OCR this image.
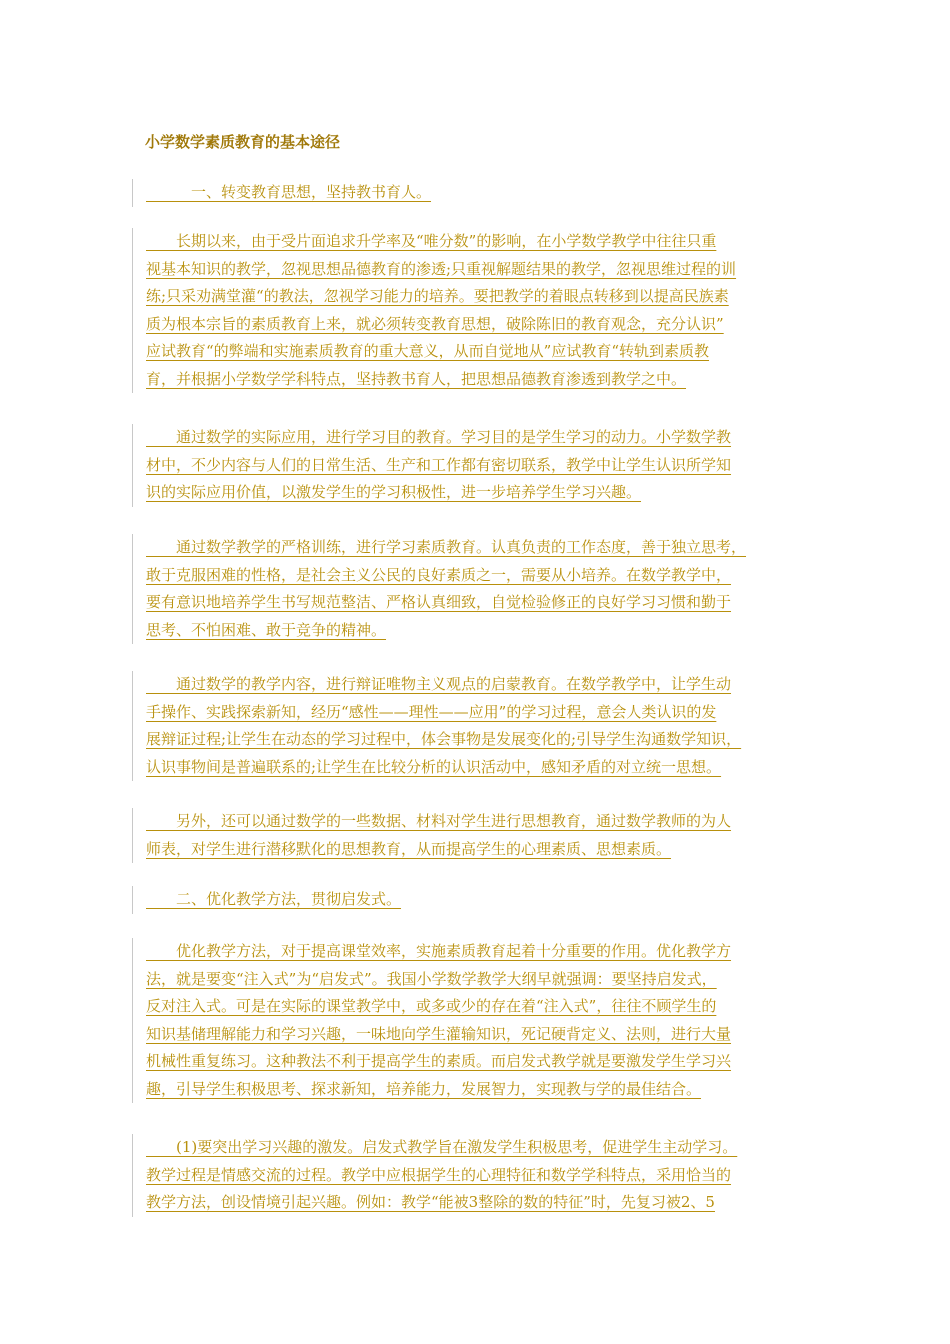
小学数学素质教育的基本途径

　　　一、转变教育思想，坚持教书育人。

　　长期以来，由于受片面追求升学率及“唯分数”的影响，在小学数学教学中往往只重
视基本知识的教学，忽视思想品德教育的渗透;只重视解题结果的教学，忽视思维过程的训
练;只采劝满堂灌“的教法，忽视学习能力的培养。要把教学的着眼点转移到以提高民族素
质为根本宗旨的素质教育上来，就必须转变教育思想，破除陈旧的教育观念，充分认识”
应试教育“的弊端和实施素质教育的重大意义，从而自觉地从”应试教育“转轨到素质教
育，并根据小学数学学科特点，坚持教书育人，把思想品德教育渗透到教学之中。

　　通过数学的实际应用，进行学习目的教育。学习目的是学生学习的动力。小学数学教
材中，不少内容与人们的日常生活、生产和工作都有密切联系，教学中让学生认识所学知
识的实际应用价值，以激发学生的学习积极性，进一步培养学生学习兴趣。

　　通过数学教学的严格训练，进行学习素质教育。认真负责的工作态度，善于独立思考，
敢于克服困难的性格，是社会主义公民的良好素质之一，需要从小培养。在数学教学中，
要有意识地培养学生书写规范整洁、严格认真细致，自觉检验修正的良好学习习惯和勤于
思考、不怕困难、敢于竞争的精神。

　　通过数学的教学内容，进行辩证唯物主义观点的启蒙教育。在数学教学中，让学生动
手操作、实践探索新知，经历“感性——理性——应用”的学习过程，意会人类认识的发
展辩证过程;让学生在动态的学习过程中，体会事物是发展变化的;引导学生沟通数学知识，
认识事物间是普遍联系的;让学生在比较分析的认识活动中，感知矛盾的对立统一思想。

　　另外，还可以通过数学的一些数据、材料对学生进行思想教育，通过数学教师的为人
师表，对学生进行潜移默化的思想教育，从而提高学生的心理素质、思想素质。

　　二、优化教学方法，贯彻启发式。

　　优化教学方法，对于提高课堂效率，实施素质教育起着十分重要的作用。优化教学方
法，就是要变“注入式”为“启发式”。我国小学数学教学大纲早就强调：要坚持启发式，
反对注入式。可是在实际的课堂教学中，或多或少的存在着“注入式”，往往不顾学生的
知识基储理解能力和学习兴趣，一味地向学生灌输知识，死记硬背定义、法则，进行大量
机械性重复练习。这种教法不利于提高学生的素质。而启发式教学就是要激发学生学习兴
趣，引导学生积极思考、探求新知，培养能力，发展智力，实现教与学的最佳结合。

　　(1)要突出学习兴趣的激发。启发式教学旨在激发学生积极思考，促进学生主动学习。
教学过程是情感交流的过程。教学中应根据学生的心理特征和数学学科特点，采用恰当的
教学方法，创设情境引起兴趣。例如：教学“能被3整除的数的特征”时，先复习被2、5
